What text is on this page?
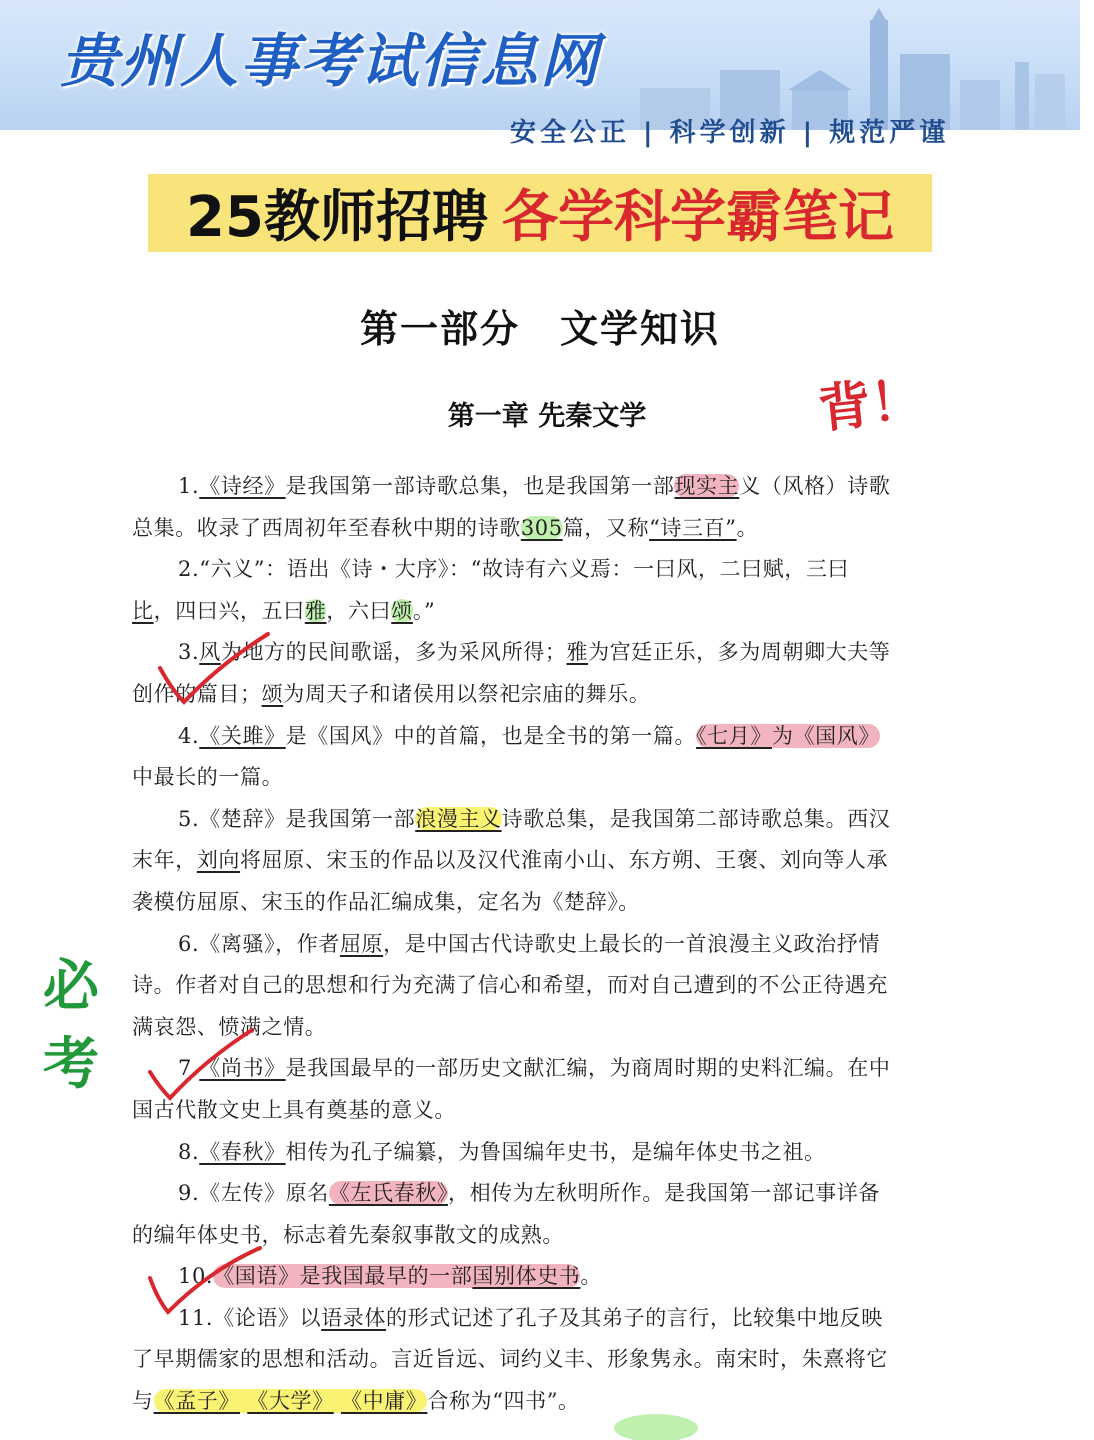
贵州人事考试信息网
安全公正 | 科学创新 | 规范严谨
25教师招聘 各学科学霸笔记
第一部分　文学知识
第一章 先秦文学	背！
必考
1.《诗经》是我国第一部诗歌总集，也是我国第一部现实主义（风格）诗歌
总集。收录了西周初年至春秋中期的诗歌305篇，又称“诗三百”。
2.“六义”：语出《诗・大序》：“故诗有六义焉：一曰风，二曰赋，三曰
比，四曰兴，五曰雅，六曰颂。”
3.风为地方的民间歌谣，多为采风所得；雅为宫廷正乐，多为周朝卿大夫等
创作的篇目；颂为周天子和诸侯用以祭祀宗庙的舞乐。
4.《关雎》是《国风》中的首篇，也是全书的第一篇。《七月》为《国风》
中最长的一篇。
5.《楚辞》是我国第一部浪漫主义诗歌总集，是我国第二部诗歌总集。西汉
末年，刘向将屈原、宋玉的作品以及汉代淮南小山、东方朔、王褒、刘向等人承
袭模仿屈原、宋玉的作品汇编成集，定名为《楚辞》。
6.《离骚》，作者屈原，是中国古代诗歌史上最长的一首浪漫主义政治抒情
诗。作者对自己的思想和行为充满了信心和希望，而对自己遭到的不公正待遇充
满哀怨、愤满之情。
7.《尚书》是我国最早的一部历史文献汇编，为商周时期的史料汇编。在中
国古代散文史上具有奠基的意义。
8.《春秋》相传为孔子编纂，为鲁国编年史书，是编年体史书之祖。
9.《左传》原名《左氏春秋》，相传为左秋明所作。是我国第一部记事详备
的编年体史书，标志着先秦叙事散文的成熟。
10.《国语》是我国最早的一部国别体史书。
11.《论语》以语录体的形式记述了孔子及其弟子的言行，比较集中地反映
了早期儒家的思想和活动。言近旨远、词约义丰、形象隽永。南宋时，朱熹将它
与《孟子》 《大学》 《中庸》合称为“四书”。
